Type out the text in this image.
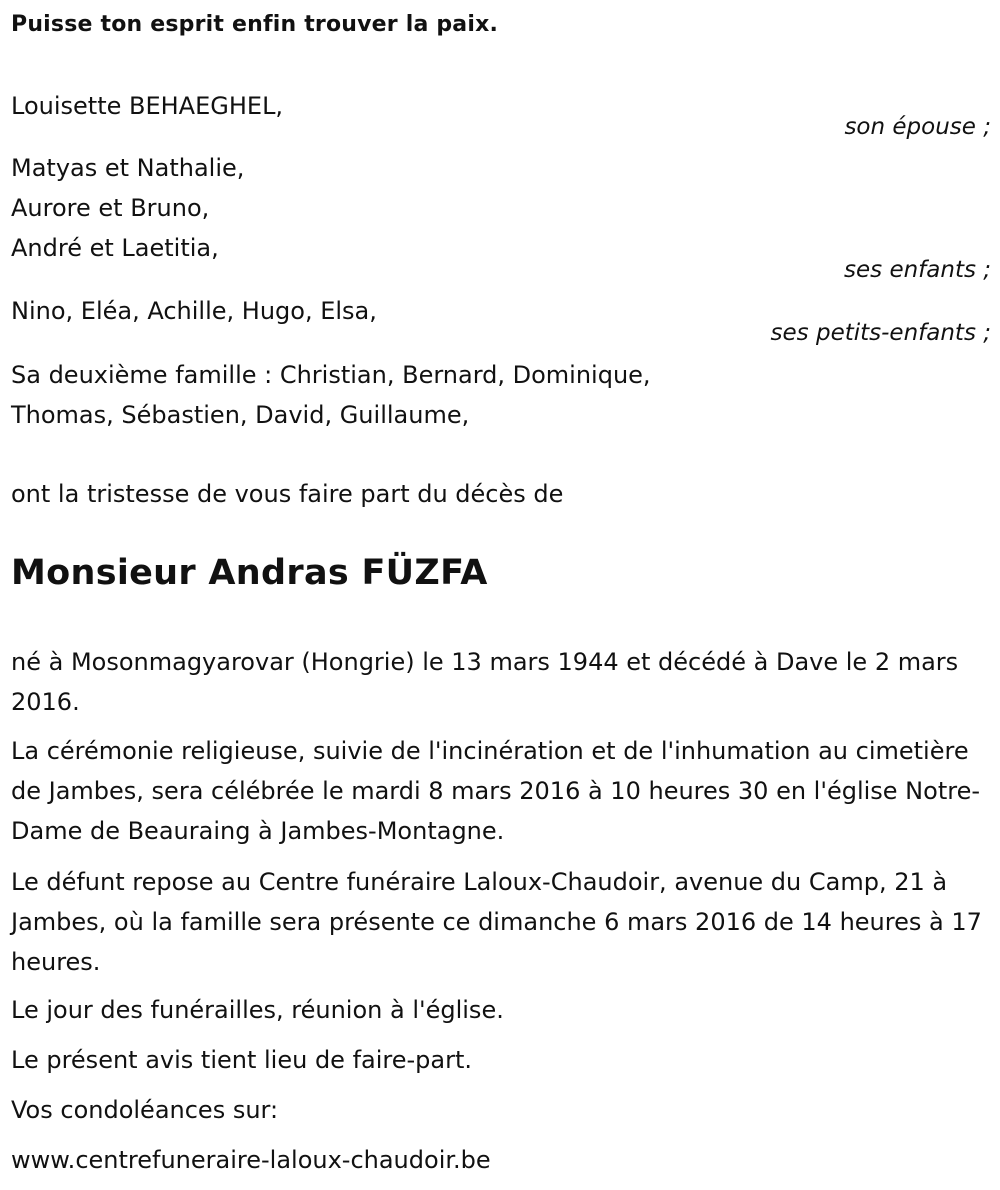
Puisse ton esprit enfin trouver la paix.
Louisette BEHAEGHEL,
son épouse ;
Matyas et Nathalie,
Aurore et Bruno,
André et Laetitia,
ses enfants ;
Nino, Eléa, Achille, Hugo, Elsa,
ses petits-enfants ;
Sa deuxième famille : Christian, Bernard, Dominique,
Thomas, Sébastien, David, Guillaume,
ont la tristesse de vous faire part du décès de
Monsieur Andras FÜZFA
né à Mosonmagyarovar (Hongrie) le 13 mars 1944 et décédé à Dave le 2 mars 2016.
La cérémonie religieuse, suivie de l'incinération et de l'inhumation au cimetière de Jambes, sera célébrée le mardi 8 mars 2016 à 10 heures 30 en l'église Notre-Dame de Beauraing à Jambes-Montagne.
Le défunt repose au Centre funéraire Laloux-Chaudoir, avenue du Camp, 21 à Jambes, où la famille sera présente ce dimanche 6 mars 2016 de 14 heures à 17 heures.
Le jour des funérailles, réunion à l'église.
Le présent avis tient lieu de faire-part.
Vos condoléances sur:
www.centrefuneraire-laloux-chaudoir.be
